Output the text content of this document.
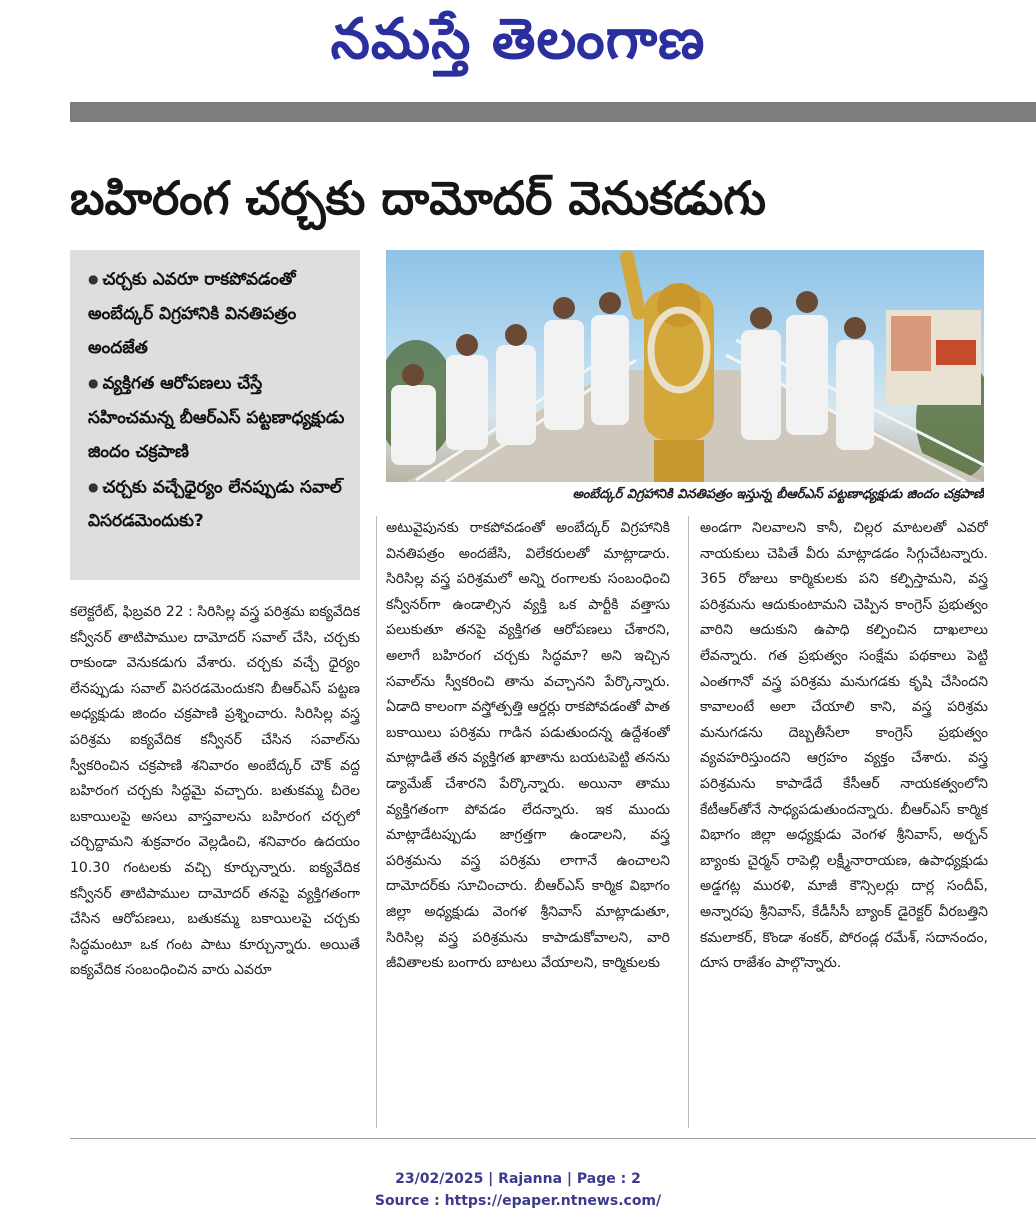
నమస్తే తెలంగాణ
బహిరంగ చర్చకు దామోదర్ వెనుకడుగు
● చర్చకు ఎవరూ రాకపోవడంతో అంబేద్కర్ విగ్రహానికి వినతిపత్రం అందజేత
● వ్యక్తిగత ఆరోపణలు చేస్తే సహించమన్న బీఆర్ఎస్ పట్టణాధ్యక్షుడు జిందం చక్రపాణి
● చర్చకు వచ్చేధైర్యం లేనప్పుడు సవాల్ విసరడమెందుకు?
అంబేద్కర్ విగ్రహానికి వినతిపత్రం ఇస్తున్న బీఆర్ఎస్ పట్టణాధ్యక్షుడు జిందం చక్రపాణి
కలెక్టరేట్, ఫిబ్రవరి 22 : సిరిసిల్ల వస్త్ర పరిశ్రమ ఐక్యవేదిక కన్వీనర్ తాటిపాముల దామోదర్ సవాల్ చేసి, చర్చకు రాకుండా వెనుకడుగు వేశారు. చర్చకు వచ్చే ధైర్యం లేనప్పుడు సవాల్ విసరడమెందుకని బీఆర్ఎస్ పట్టణ అధ్యక్షుడు జిందం చక్రపాణి ప్రశ్నించారు. సిరిసిల్ల వస్త్ర పరిశ్రమ ఐక్యవేదిక కన్వీనర్ చేసిన సవాల్‌ను స్వీకరించిన చక్రపాణి శనివారం అంబేద్కర్ చౌక్ వద్ద బహిరంగ చర్చకు సిద్ధమై వచ్చారు. బతుకమ్మ చీరెల బకాయిలపై అసలు వాస్తవాలను బహిరంగ చర్చలో చర్చిద్దామని శుక్రవారం వెల్లడించి, శనివారం ఉదయం 10.30 గంటలకు వచ్చి కూర్చున్నారు. ఐక్యవేదిక కన్వీనర్ తాటిపాముల దామోదర్ తనపై వ్యక్తిగతంగా చేసిన ఆరోపణలు, బతుకమ్మ బకాయిలపై చర్చకు సిద్ధమంటూ ఒక గంట పాటు కూర్చున్నారు. అయితే ఐక్యవేదిక సంబంధించిన వారు ఎవరూ
అటువైపునకు రాకపోవడంతో అంబేద్కర్ విగ్రహానికి వినతిపత్రం అందజేసి, విలేకరులతో మాట్లాడారు. సిరిసిల్ల వస్త్ర పరిశ్రమలో అన్ని రంగాలకు సంబంధించి కన్వీనర్‌గా ఉండాల్సిన వ్యక్తి ఒక పార్టీకి వత్తాసు పలుకుతూ తనపై వ్యక్తిగత ఆరోపణలు చేశారని, అలాగే బహిరంగ చర్చకు సిద్ధమా? అని ఇచ్చిన సవాల్‌ను స్వీకరించి తాను వచ్చానని పేర్కొన్నారు. ఏడాది కాలంగా వస్త్రోత్పత్తి ఆర్డర్లు రాకపోవడంతో పాత బకాయిలు పరిశ్రమ గాడిన పడుతుందన్న ఉద్దేశంతో మాట్లాడితే తన వ్యక్తిగత ఖాతాను బయటపెట్టి తనను డ్యామేజ్ చేశారని పేర్కొన్నారు. అయినా తాము వ్యక్తిగతంగా పోవడం లేదన్నారు. ఇక ముందు మాట్లాడేటప్పుడు జాగ్రత్తగా ఉండాలని, వస్త్ర పరిశ్రమను వస్త్ర పరిశ్రమ లాగానే ఉంచాలని దామోదర్‌కు సూచించారు. బీఆర్ఎస్ కార్మిక విభాగం జిల్లా అధ్యక్షుడు వెంగళ శ్రీనివాస్ మాట్లాడుతూ, సిరిసిల్ల వస్త్ర పరిశ్రమను కాపాడుకోవాలని, వారి జీవితాలకు బంగారు బాటలు వేయాలని, కార్మికులకు
అండగా నిలవాలని కానీ, చిల్లర మాటలతో ఎవరో నాయకులు చెపితే వీరు మాట్లాడడం సిగ్గుచేటన్నారు. 365 రోజులు కార్మికులకు పని కల్పిస్తామని, వస్త్ర పరిశ్రమను ఆదుకుంటామని చెప్పిన కాంగ్రెస్ ప్రభుత్వం వారిని ఆదుకుని ఉపాధి కల్పించిన దాఖలాలు లేవన్నారు. గత ప్రభుత్వం సంక్షేమ పథకాలు పెట్టి ఎంతగానో వస్త్ర పరిశ్రమ మనుగడకు కృషి చేసిందని కావాలంటే అలా చేయాలి కాని, వస్త్ర పరిశ్రమ మనుగడను దెబ్బతీసేలా కాంగ్రెస్ ప్రభుత్వం వ్యవహరిస్తుందని ఆగ్రహం వ్యక్తం చేశారు. వస్త్ర పరిశ్రమను కాపాడేదే కేసీఆర్ నాయకత్వంలోని కేటీఆర్‌తోనే సాధ్యపడుతుందన్నారు. బీఆర్ఎస్ కార్మిక విభాగం జిల్లా అధ్యక్షుడు వెంగళ శ్రీనివాస్, అర్బన్ బ్యాంకు చైర్మన్ రాపెల్లి లక్ష్మీనారాయణ, ఉపాధ్యక్షుడు అడ్డగట్ల మురళి, మాజీ కౌన్సిలర్లు దార్ల సందీప్, అన్నారపు శ్రీనివాస్, కేడీసీసీ బ్యాంక్ డైరెక్టర్ వీరబత్తిని కమలాకర్, కొండా శంకర్, పోరండ్ల రమేశ్, సదానందం, దూస రాజేశం పాల్గొన్నారు.
23/02/2025 | Rajanna | Page : 2
Source : https://epaper.ntnews.com/
